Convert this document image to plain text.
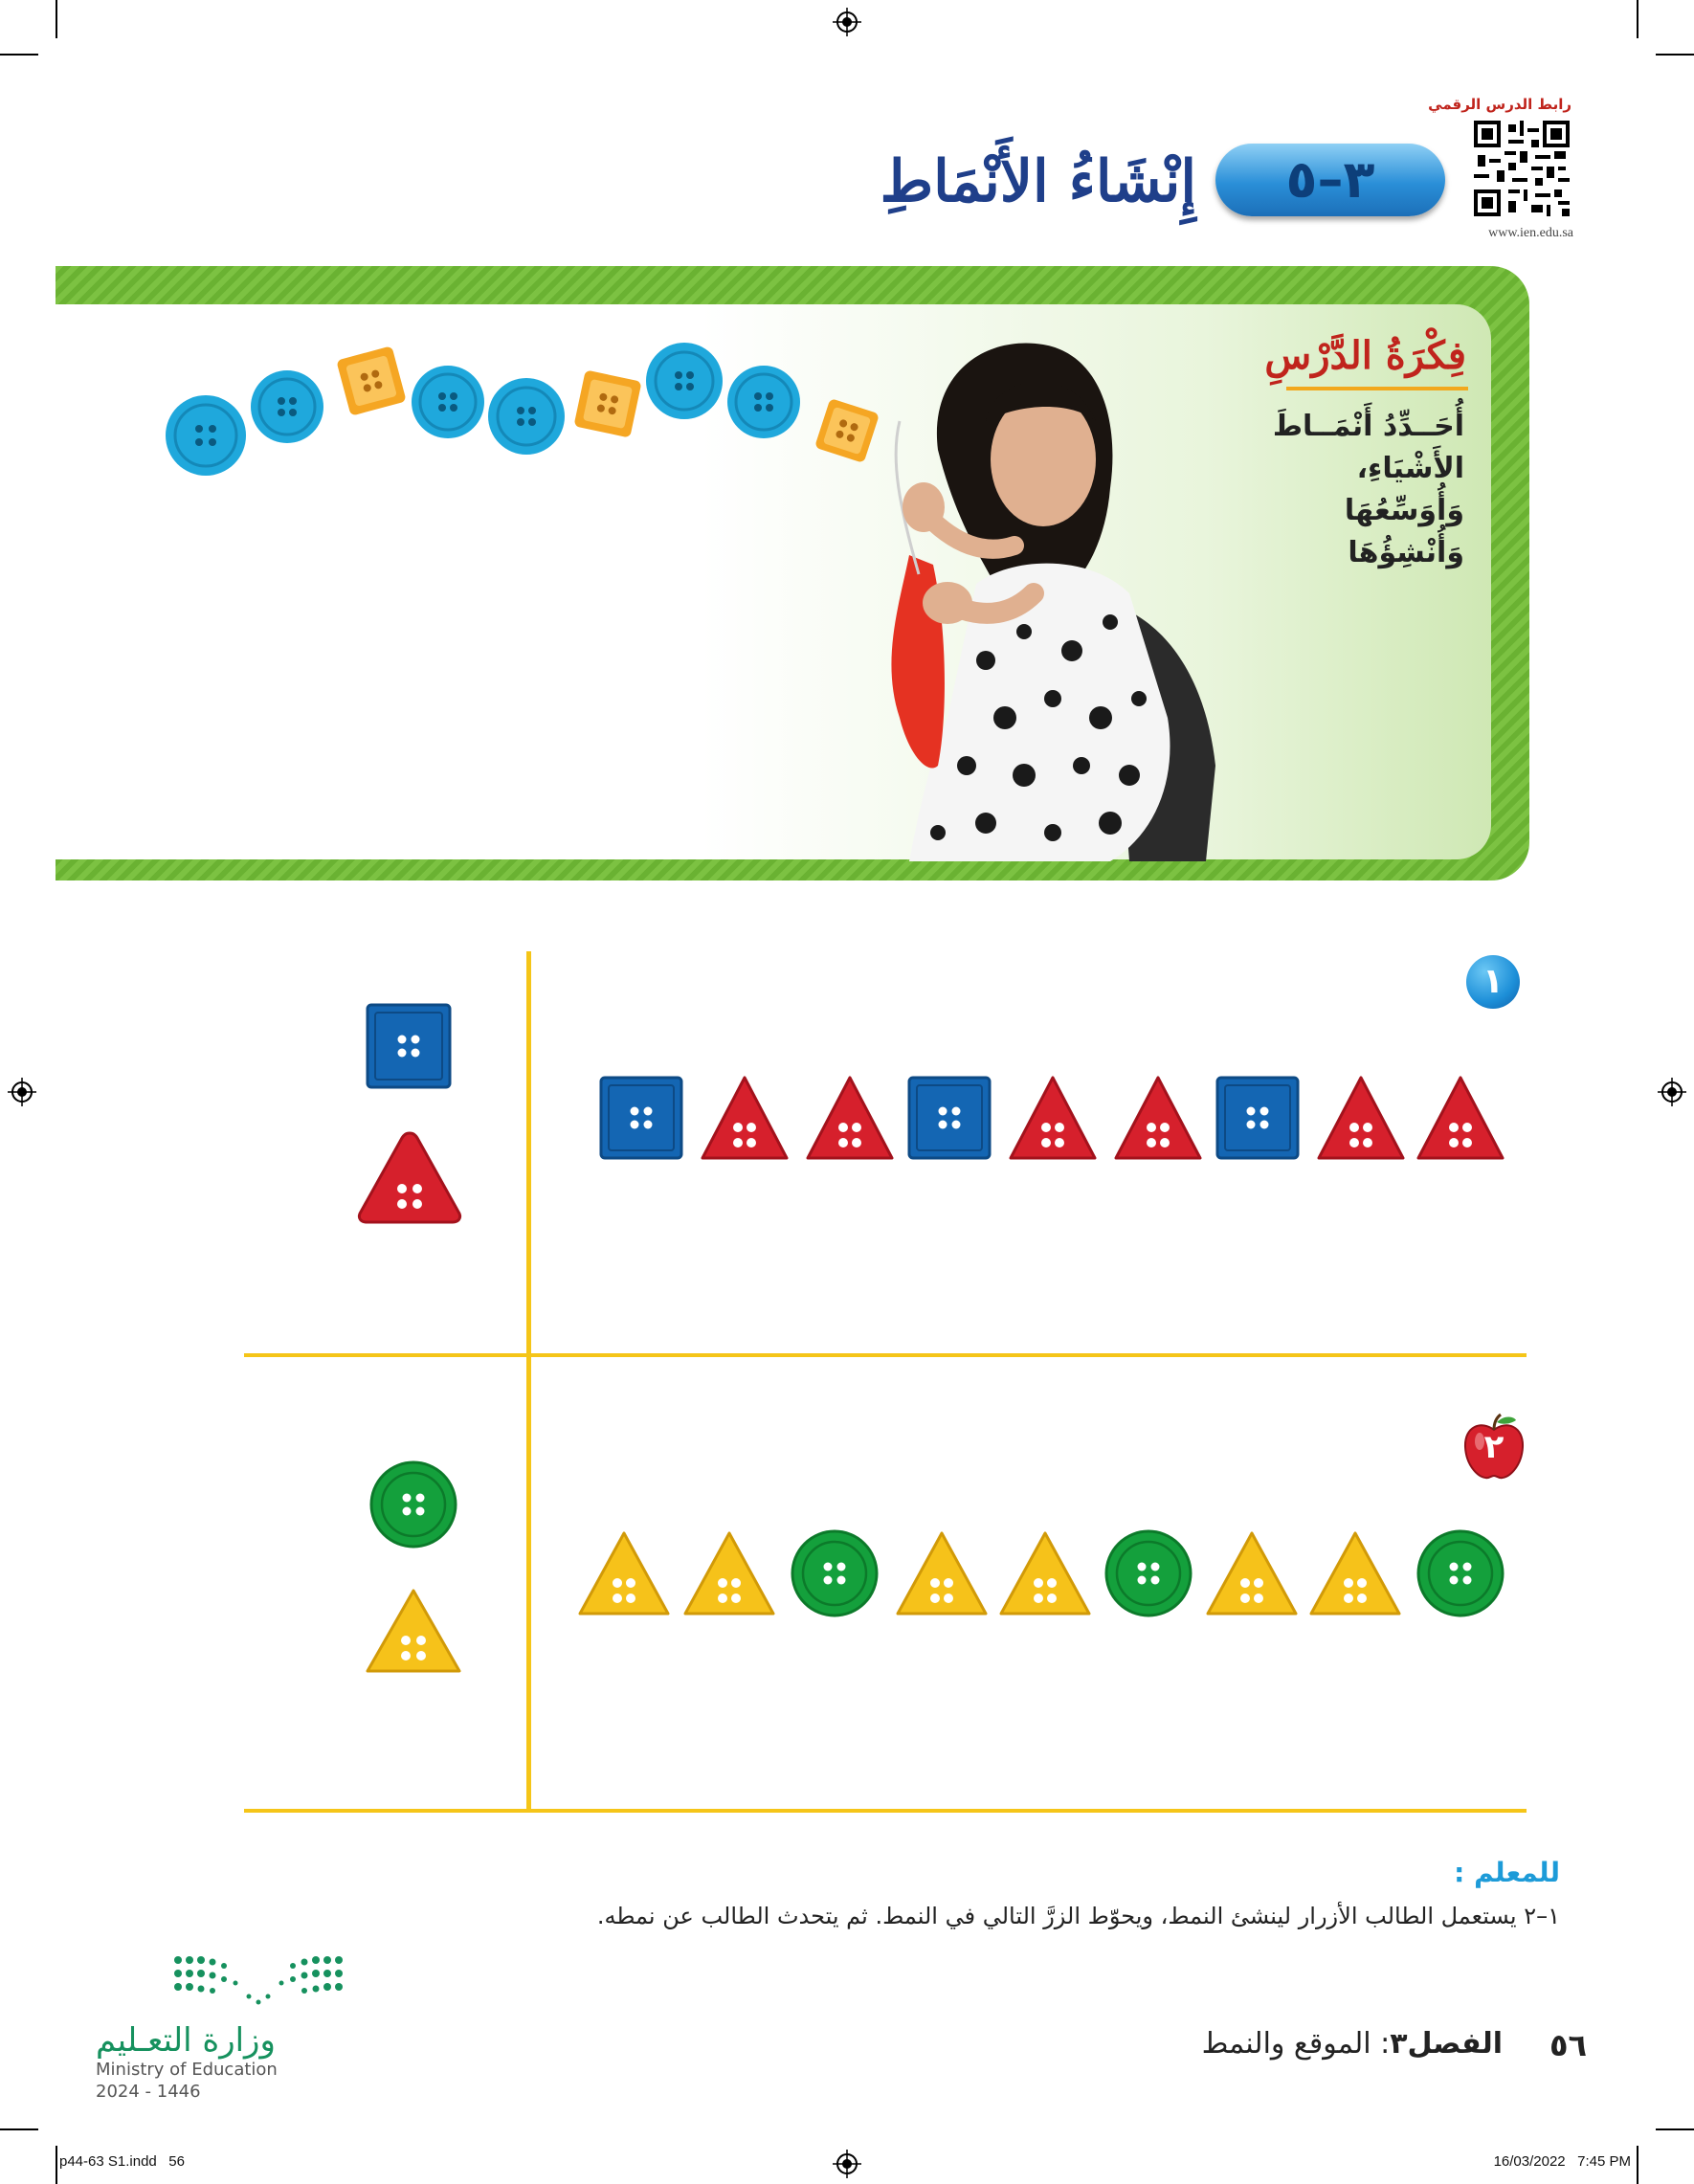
رابط الدرس الرقمي
www.ien.edu.sa
٣–٥
إِنْشَاءُ الأَنْمَاطِ
فِكْرَةُ الدَّرْسِ
أُحَــدِّدُ أَنْمَــاطَ الأَشْيَاءِ، وَأُوَسِّعُهَا وَأُنْشِؤُهَا
١
٢
للمعلم :
١–٢ يستعمل الطالب الأزرار لينشئ النمط، ويحوّط الزرَّ التالي في النمط. ثم يتحدث الطالب عن نمطه.
وزارة التعـليم
Ministry of Education
2024 - 1446
٥٦
الفصل٣: الموقع والنمط
p44-63 S1.indd   56	16/03/2022   7:45 PM
